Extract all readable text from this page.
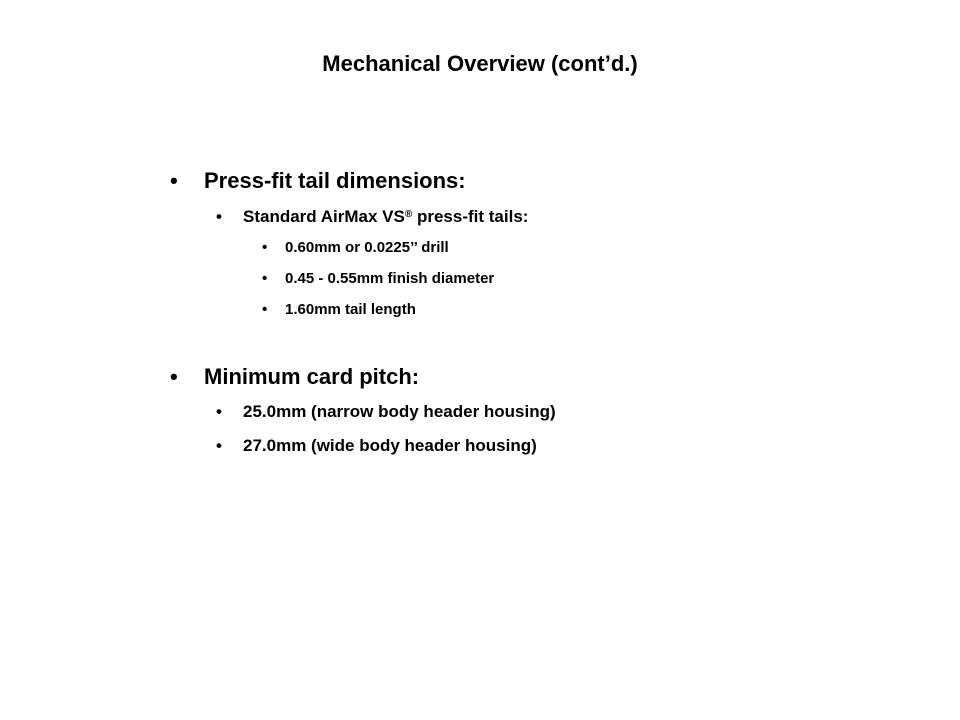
Mechanical Overview (cont’d.)
• Press-fit tail dimensions:
• Standard AirMax VS® press-fit tails:
• 0.60mm or 0.0225’’ drill
• 0.45 - 0.55mm finish diameter
• 1.60mm tail length
• Minimum card pitch:
• 25.0mm (narrow body header housing)
• 27.0mm (wide body header housing)
